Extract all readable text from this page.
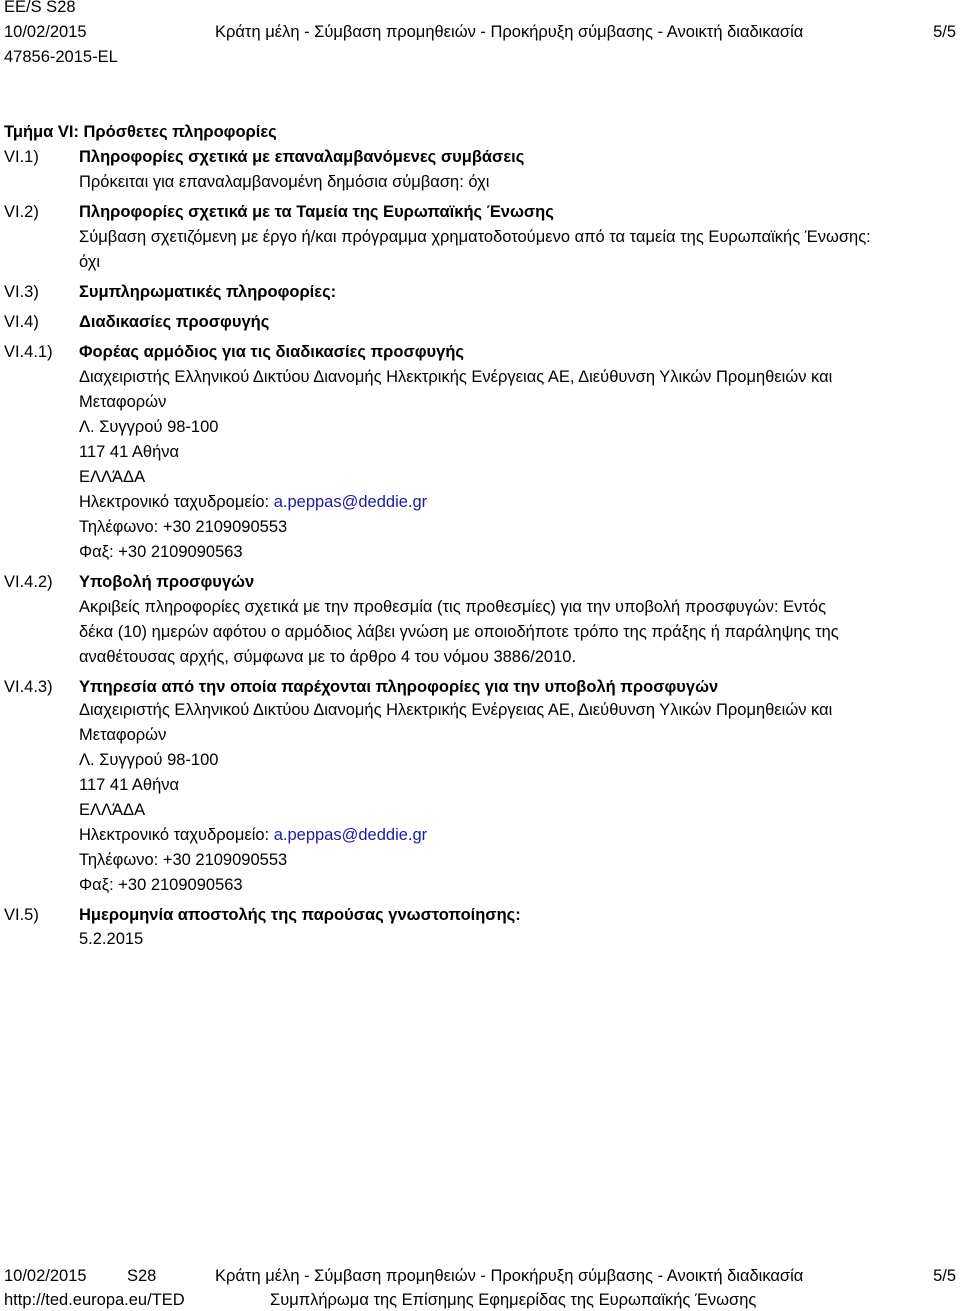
EE/S S28
10/02/2015	Κράτη μέλη - Σύμβαση προμηθειών - Προκήρυξη σύμβασης - Ανοικτή διαδικασία	5/5
47856-2015-EL
Τμήμα VI: Πρόσθετες πληροφορίες
VI.1)	Πληροφορίες σχετικά με επαναλαμβανόμενες συμβάσεις
Πρόκειται για επαναλαμβανομένη δημόσια σύμβαση: όχι
VI.2)	Πληροφορίες σχετικά με τα Ταμεία της Ευρωπαϊκής Ένωσης
Σύμβαση σχετιζόμενη με έργο ή/και πρόγραμμα χρηματοδοτούμενο από τα ταμεία της Ευρωπαϊκής Ένωσης:
όχι
VI.3)	Συμπληρωματικές πληροφορίες:
VI.4)	Διαδικασίες προσφυγής
VI.4.1)	Φορέας αρμόδιος για τις διαδικασίες προσφυγής
Διαχειριστής Ελληνικού Δικτύου Διανομής Ηλεκτρικής Ενέργειας ΑΕ, Διεύθυνση Υλικών Προμηθειών και
Μεταφορών
Λ. Συγγρού 98-100
117 41 Αθήνα
ΕΛΛΆΔΑ
Ηλεκτρονικό ταχυδρομείο: a.peppas@deddie.gr
Τηλέφωνο: +30 2109090553
Φαξ: +30 2109090563
VI.4.2)	Υποβολή προσφυγών
Ακριβείς πληροφορίες σχετικά με την προθεσμία (τις προθεσμίες) για την υποβολή προσφυγών: Εντός
δέκα (10) ημερών αφότου ο αρμόδιος λάβει γνώση με οποιοδήποτε τρόπο της πράξης ή παράληψης της
αναθέτουσας αρχής, σύμφωνα με το άρθρο 4 του νόμου 3886/2010.
VI.4.3)	Υπηρεσία από την οποία παρέχονται πληροφορίες για την υποβολή προσφυγών
Διαχειριστής Ελληνικού Δικτύου Διανομής Ηλεκτρικής Ενέργειας ΑΕ, Διεύθυνση Υλικών Προμηθειών και
Μεταφορών
Λ. Συγγρού 98-100
117 41 Αθήνα
ΕΛΛΆΔΑ
Ηλεκτρονικό ταχυδρομείο: a.peppas@deddie.gr
Τηλέφωνο: +30 2109090553
Φαξ: +30 2109090563
VI.5)	Ημερομηνία αποστολής της παρούσας γνωστοποίησης:
5.2.2015
10/02/2015 S28	Κράτη μέλη - Σύμβαση προμηθειών - Προκήρυξη σύμβασης - Ανοικτή διαδικασία	5/5
http://ted.europa.eu/TED	Συμπλήρωμα της Επίσημης Εφημερίδας της Ευρωπαϊκής Ένωσης
